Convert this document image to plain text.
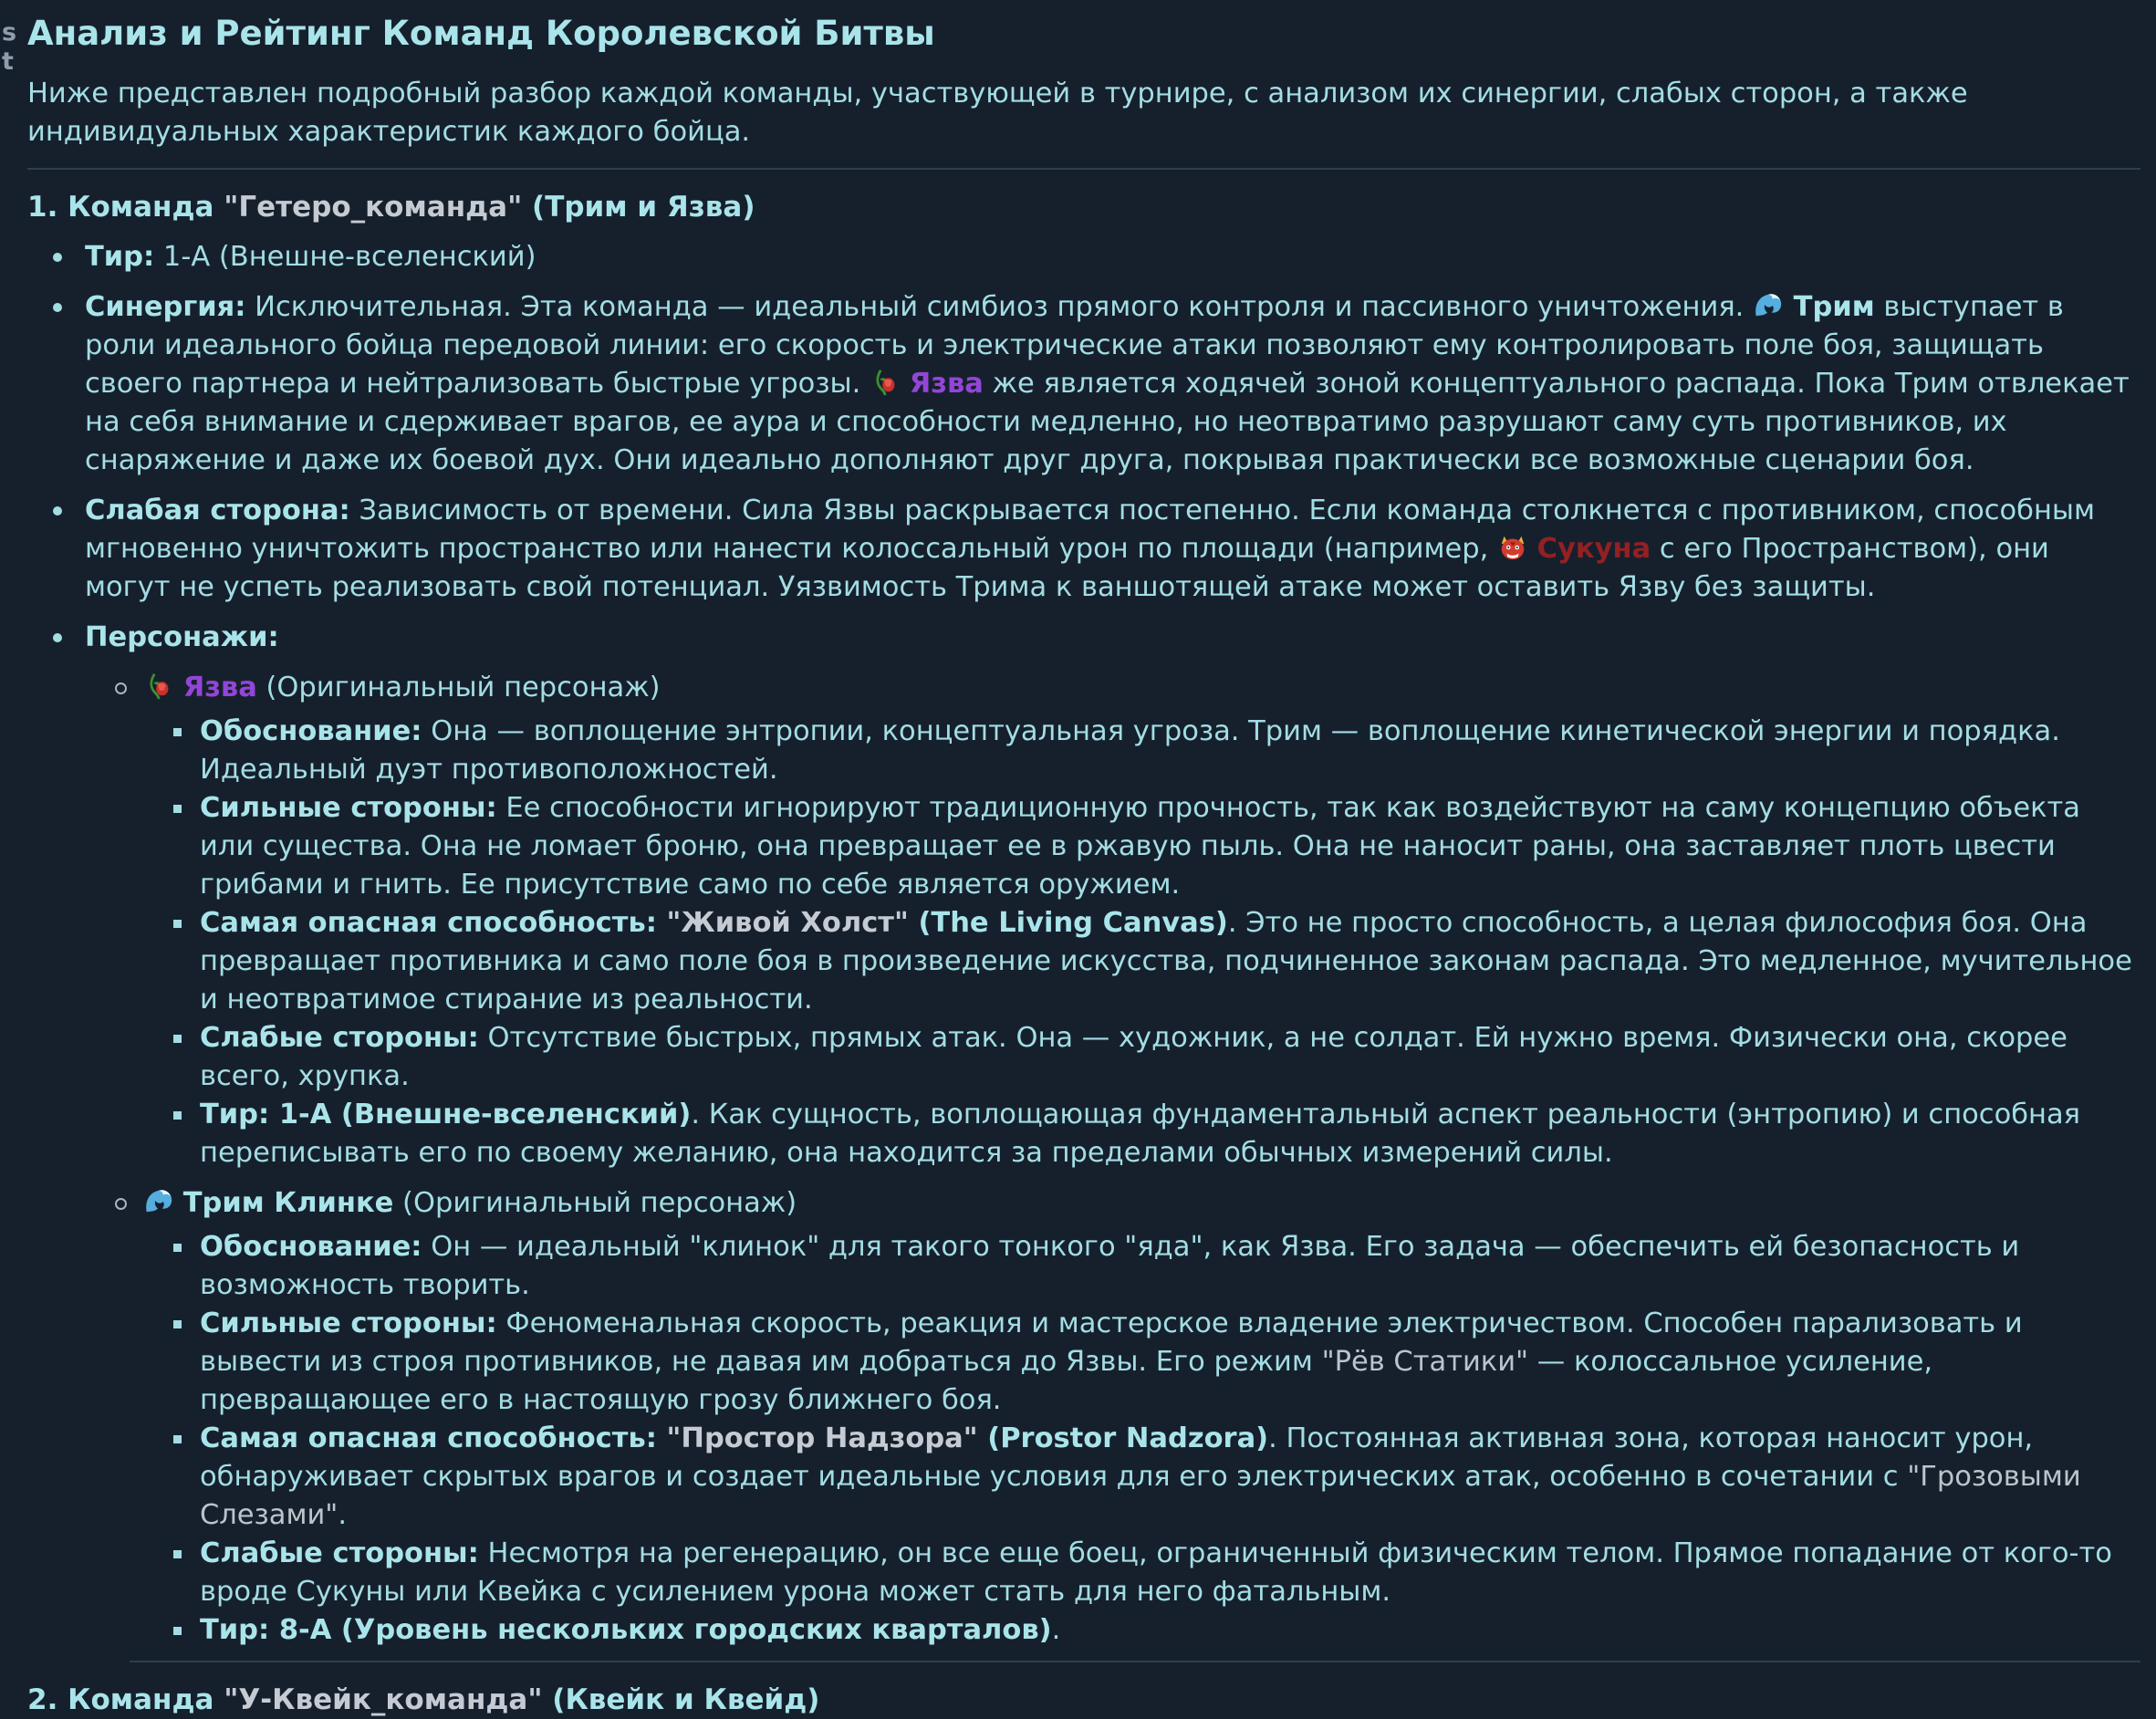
s
t
Анализ и Рейтинг Команд Королевской Битвы
Ниже представлен подробный разбор каждой команды, участвующей в турнире, с анализом их синергии, слабых сторон, а также индивидуальных характеристик каждого бойца.
1. Команда "Гетеро_команда" (Трим и Язва)
Тир: 1-А (Внешне-вселенский)
Синергия: Исключительная. Эта команда — идеальный симбиоз прямого контроля и пассивного уничтожения.
Трим выступает в роли идеального бойца передовой линии: его скорость и электрические атаки позволяют ему контролировать поле боя, защищать своего партнера и нейтрализовать быстрые угрозы.
Язва же является ходячей зоной концептуального распада. Пока Трим отвлекает на себя внимание и сдерживает врагов, ее аура и способности медленно, но неотвратимо разрушают саму суть противников, их снаряжение и даже их боевой дух. Они идеально дополняют друг друга, покрывая практически все возможные сценарии боя.
Слабая сторона: Зависимость от времени. Сила Язвы раскрывается постепенно. Если команда столкнется с противником, способным мгновенно уничтожить пространство или нанести колоссальный урон по площади (например,
Сукуна с его Пространством), они могут не успеть реализовать свой потенциал. Уязвимость Трима к ваншотящей атаке может оставить Язву без защиты.
Персонажи:
Язва (Оригинальный персонаж)
Обоснование: Она — воплощение энтропии, концептуальная угроза. Трим — воплощение кинетической энергии и порядка. Идеальный дуэт противоположностей.
Сильные стороны: Ее способности игнорируют традиционную прочность, так как воздействуют на саму концепцию объекта или существа. Она не ломает броню, она превращает ее в ржавую пыль. Она не наносит раны, она заставляет плоть цвести грибами и гнить. Ее присутствие само по себе является оружием.
Самая опасная способность: "Живой Холст" (The Living Canvas). Это не просто способность, а целая философия боя. Она превращает противника и само поле боя в произведение искусства, подчиненное законам распада. Это медленное, мучительное и неотвратимое стирание из реальности.
Слабые стороны: Отсутствие быстрых, прямых атак. Она — художник, а не солдат. Ей нужно время. Физически она, скорее всего, хрупка.
Тир: 1-А (Внешне-вселенский). Как сущность, воплощающая фундаментальный аспект реальности (энтропию) и способная переписывать его по своему желанию, она находится за пределами обычных измерений силы.
Трим Клинке (Оригинальный персонаж)
Обоснование: Он — идеальный "клинок" для такого тонкого "яда", как Язва. Его задача — обеспечить ей безопасность и возможность творить.
Сильные стороны: Феноменальная скорость, реакция и мастерское владение электричеством. Способен парализовать и вывести из строя противников, не давая им добраться до Язвы. Его режим "Рёв Статики" — колоссальное усиление, превращающее его в настоящую грозу ближнего боя.
Самая опасная способность: "Простор Надзора" (Prostor Nadzora). Постоянная активная зона, которая наносит урон, обнаруживает скрытых врагов и создает идеальные условия для его электрических атак, особенно в сочетании с "Грозовыми Слезами".
Слабые стороны: Несмотря на регенерацию, он все еще боец, ограниченный физическим телом. Прямое попадание от кого-то вроде Сукуны или Квейка с усилением урона может стать для него фатальным.
Тир: 8-А (Уровень нескольких городских кварталов).
2. Команда "У-Квейк_команда" (Квейк и Квейд)
